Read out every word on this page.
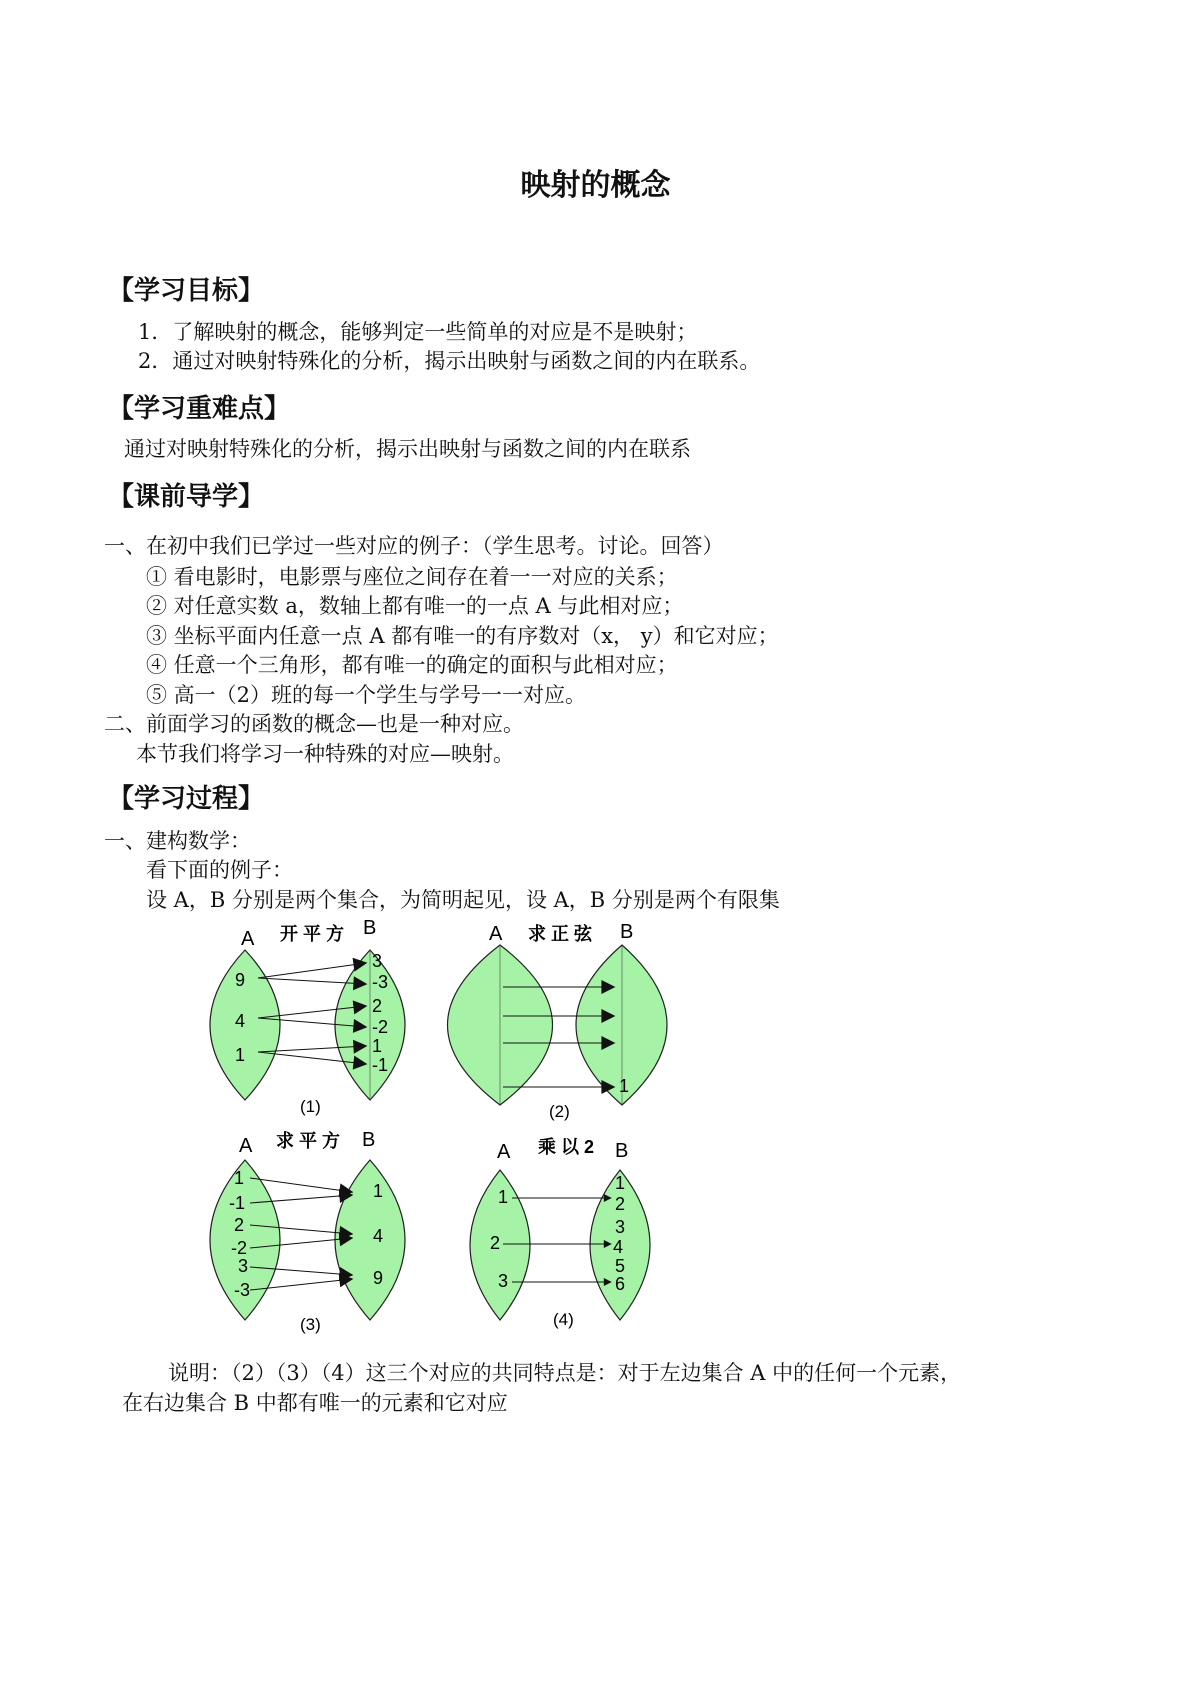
映射的概念
【学习目标】
1．了解映射的概念，能够判定一些简单的对应是不是映射；
2．通过对映射特殊化的分析，揭示出映射与函数之间的内在联系。
【学习重难点】
通过对映射特殊化的分析，揭示出映射与函数之间的内在联系
【课前导学】
一、在初中我们已学过一些对应的例子：（学生思考。讨论。回答）
① 看电影时，电影票与座位之间存在着一一对应的关系；
② 对任意实数 a，数轴上都有唯一的一点 A 与此相对应；
③ 坐标平面内任意一点 A 都有唯一的有序数对（x， y）和它对应；
④ 任意一个三角形，都有唯一的确定的面积与此相对应；
⑤ 高一（2）班的每一个学生与学号一一对应。
二、前面学习的函数的概念—也是一种对应。
本节我们将学习一种特殊的对应—映射。
【学习过程】
一、建构数学：
看下面的例子：
设 A，B 分别是两个集合，为简明起见，设 A，B 分别是两个有限集
A 开 平 方 B
9
4
1
3
-3
2
-2
1
-1
(1)
A 求 正 弦 B
1
(2)
A 求 平 方 B
1
-1
2
-2
3
-3
1
4
9
(3)
A 乘 以 2 B
1
2
3
1
2
3
4
5
6
(4)
说明：（2）（3）（4）这三个对应的共同特点是：对于左边集合 A 中的任何一个元素，
在右边集合 B 中都有唯一的元素和它对应
